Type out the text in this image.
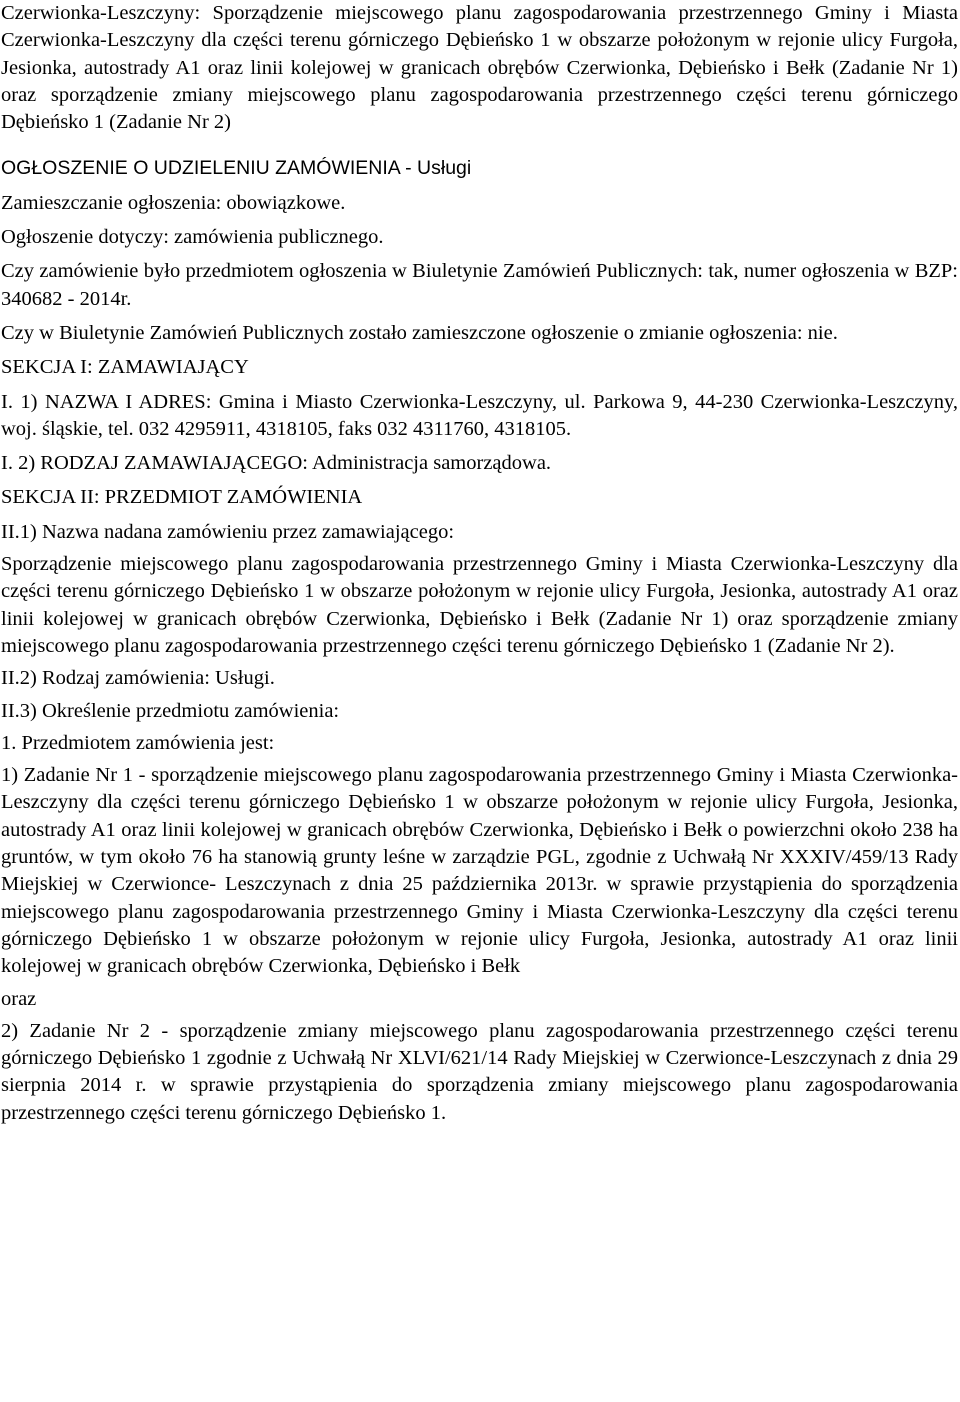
Czerwionka-Leszczyny: Sporządzenie miejscowego planu zagospodarowania przestrzennego Gminy i Miasta Czerwionka-Leszczyny dla części terenu górniczego Dębieńsko 1 w obszarze położonym w rejonie ulicy Furgoła, Jesionka, autostrady A1 oraz linii kolejowej w granicach obrębów Czerwionka, Dębieńsko i Bełk (Zadanie Nr 1) oraz sporządzenie zmiany miejscowego planu zagospodarowania przestrzennego części terenu górniczego Dębieńsko 1 (Zadanie Nr 2)

OGŁOSZENIE O UDZIELENIU ZAMÓWIENIA - Usługi

Zamieszczanie ogłoszenia: obowiązkowe.

Ogłoszenie dotyczy: zamówienia publicznego.

Czy zamówienie było przedmiotem ogłoszenia w Biuletynie Zamówień Publicznych: tak, numer ogłoszenia w BZP: 340682 - 2014r.

Czy w Biuletynie Zamówień Publicznych zostało zamieszczone ogłoszenie o zmianie ogłoszenia: nie.

SEKCJA I: ZAMAWIAJĄCY

I. 1) NAZWA I ADRES: Gmina i Miasto Czerwionka-Leszczyny, ul. Parkowa 9, 44-230 Czerwionka-Leszczyny, woj. śląskie, tel. 032 4295911, 4318105, faks 032 4311760, 4318105.

I. 2) RODZAJ ZAMAWIAJĄCEGO: Administracja samorządowa.

SEKCJA II: PRZEDMIOT ZAMÓWIENIA

II.1) Nazwa nadana zamówieniu przez zamawiającego:

Sporządzenie miejscowego planu zagospodarowania przestrzennego Gminy i Miasta Czerwionka-Leszczyny dla części terenu górniczego Dębieńsko 1 w obszarze położonym w rejonie ulicy Furgoła, Jesionka, autostrady A1 oraz linii kolejowej w granicach obrębów Czerwionka, Dębieńsko i Bełk (Zadanie Nr 1) oraz sporządzenie zmiany miejscowego planu zagospodarowania przestrzennego części terenu górniczego Dębieńsko 1 (Zadanie Nr 2).

II.2) Rodzaj zamówienia: Usługi.

II.3) Określenie przedmiotu zamówienia:

1. Przedmiotem zamówienia jest:

1) Zadanie Nr 1 - sporządzenie miejscowego planu zagospodarowania przestrzennego Gminy i Miasta Czerwionka-Leszczyny dla części terenu górniczego Dębieńsko 1 w obszarze położonym w rejonie ulicy Furgoła, Jesionka, autostrady A1 oraz linii kolejowej w granicach obrębów Czerwionka, Dębieńsko i Bełk o powierzchni około 238 ha gruntów, w tym około 76 ha stanowią grunty leśne w zarządzie PGL, zgodnie z Uchwałą Nr XXXIV/459/13 Rady Miejskiej w Czerwionce- Leszczynach z dnia 25 października 2013r. w sprawie przystąpienia do sporządzenia miejscowego planu zagospodarowania przestrzennego Gminy i Miasta Czerwionka-Leszczyny dla części terenu górniczego Dębieńsko 1 w obszarze położonym w rejonie ulicy Furgoła, Jesionka, autostrady A1 oraz linii kolejowej w granicach obrębów Czerwionka, Dębieńsko i Bełk

oraz

2) Zadanie Nr 2 - sporządzenie zmiany miejscowego planu zagospodarowania przestrzennego części terenu górniczego Dębieńsko 1 zgodnie z Uchwałą Nr XLVI/621/14 Rady Miejskiej w Czerwionce-Leszczynach z dnia 29 sierpnia 2014 r. w sprawie przystąpienia do sporządzenia zmiany miejscowego planu zagospodarowania przestrzennego części terenu górniczego Dębieńsko 1.
